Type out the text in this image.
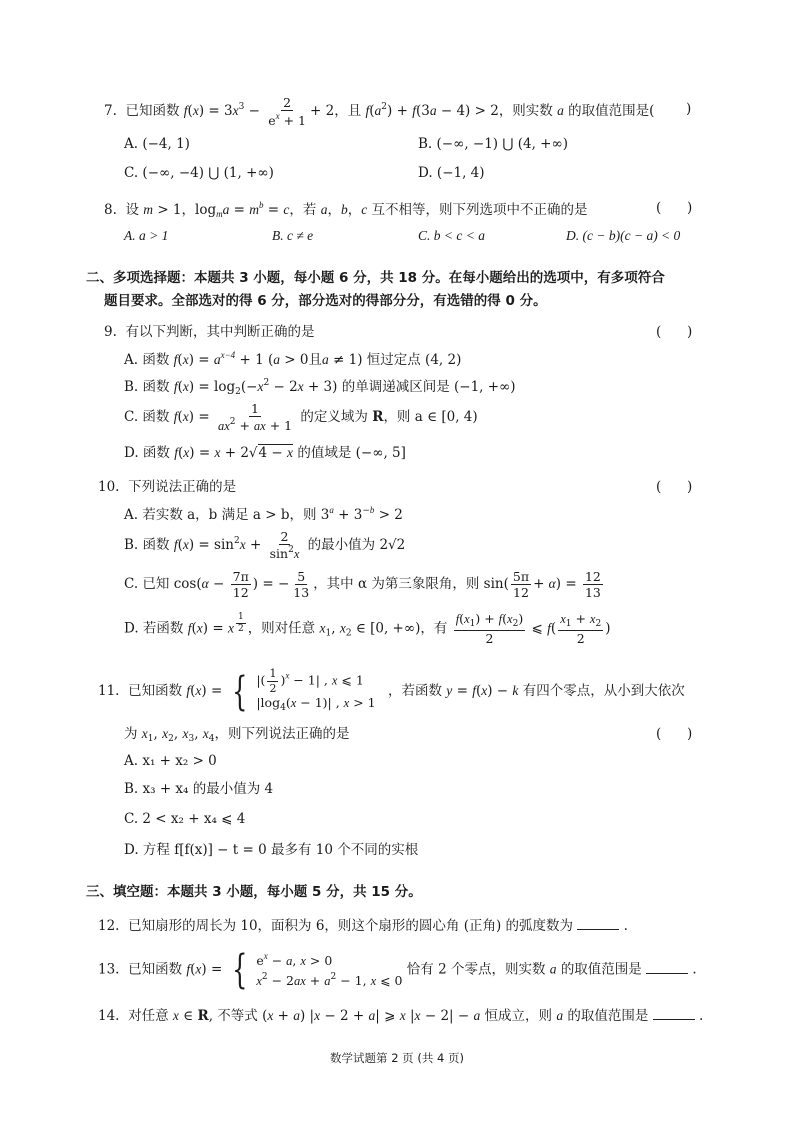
7. 已知函数 $f(x) = 3x^3 - \frac{2}{e^x + 1} + 2$，且 $f(a^2) + f(3a - 4) > 2$，则实数 a 的取值范围是( )
A. (−4, 1)	B. (−∞, −1) ⋃ (4, +∞)
C. (−∞, −4) ⋃ (1, +∞)	D. (−1, 4)
8. 设 m > 1，$\log_ma = m^b = c$，若 a，b，c 互不相等，则下列选项中不正确的是	(      )
A. a > 1	B. c ≠ e	C. b < c < a	D. (c − b)(c − a) < 0
二、多项选择题：本题共 3 小题，每小题 6 分，共 18 分。在每小题给出的选项中，有多项符合
题目要求。全部选对的得 6 分，部分选对的得部分分，有选错的得 0 分。
9. 有以下判断，其中判断正确的是	(      )
A. 函数 $f(x) = a^{x-4} + 1$ (a > 0且a ≠ 1) 恒过定点 (4, 2)
B. 函数 $f(x) = \log_2(-x^2 - 2x + 3)$ 的单调递减区间是 (−1, +∞)
C. 函数 $f(x) = \frac{1}{ax^2 + ax + 1}$ 的定义域为 R，则 a ∈ [0, 4)
D. 函数 f(x) = x + 2√4 − x 的值域是 (−∞, 5]
10. 下列说法正确的是	(      )
A. 若实数 a，b 满足 a > b，则 $3^a + 3^{-b} > 2$
B. 函数 $f(x) = \sin^2x + \frac{2}{\sin^2x}$ 的最小值为 2√2
C. 已知 $\cos(\alpha - \frac{7\pi}{12}$ ) = − $\frac{5}{13}$ ，其中 α 为第三象限角，则 $\sin( \frac{5\pi}{12} + \alpha) = \frac{12}{13}$
D. 若函数 f(x) = x $^{\frac{1}{2}}$ ，则对任意 $x_1$, $x_2$ ∈ [0, +∞)，有 $\frac{f(x_1) + f(x_2)}{2}$ ⩽ $f( \frac{x_1 + x_2}{2}$ )
11. 已知函数 f(x) = { |( $\frac{1}{2} )^x - 1|$ , x ⩽ 1
$|\log_4(x - 1)|$ , x > 1
，若函数 y = f(x) − k 有四个零点，从小到大依次
为 $x_1$, $x_2$, $x_3$, $x_4$，则下列说法正确的是	(      )
A. x₁ + x₂ > 0
B. x₃ + x₄ 的最小值为 4
C. 2 < x₂ + x₄ ⩽ 4
D. 方程 f[f(x)] − t = 0 最多有 10 个不同的实根
三、填空题：本题共 3 小题，每小题 5 分，共 15 分。
12. 已知扇形的周长为 10，面积为 6，则这个扇形的圆心角 (正角) 的弧度数为	.
13. 已知函数 f(x) = { $e^x - a$, x > 0
$x^2 - 2ax + a^2 - 1$, x ⩽ 0
恰有 2 个零点，则实数 a 的取值范围是	.
14. 对任意 x ∈ R, 不等式 (x + a) |x − 2 + a| ⩾ x |x − 2| − a 恒成立，则 a 的取值范围是	.
数学试题第 2 页 (共 4 页)
